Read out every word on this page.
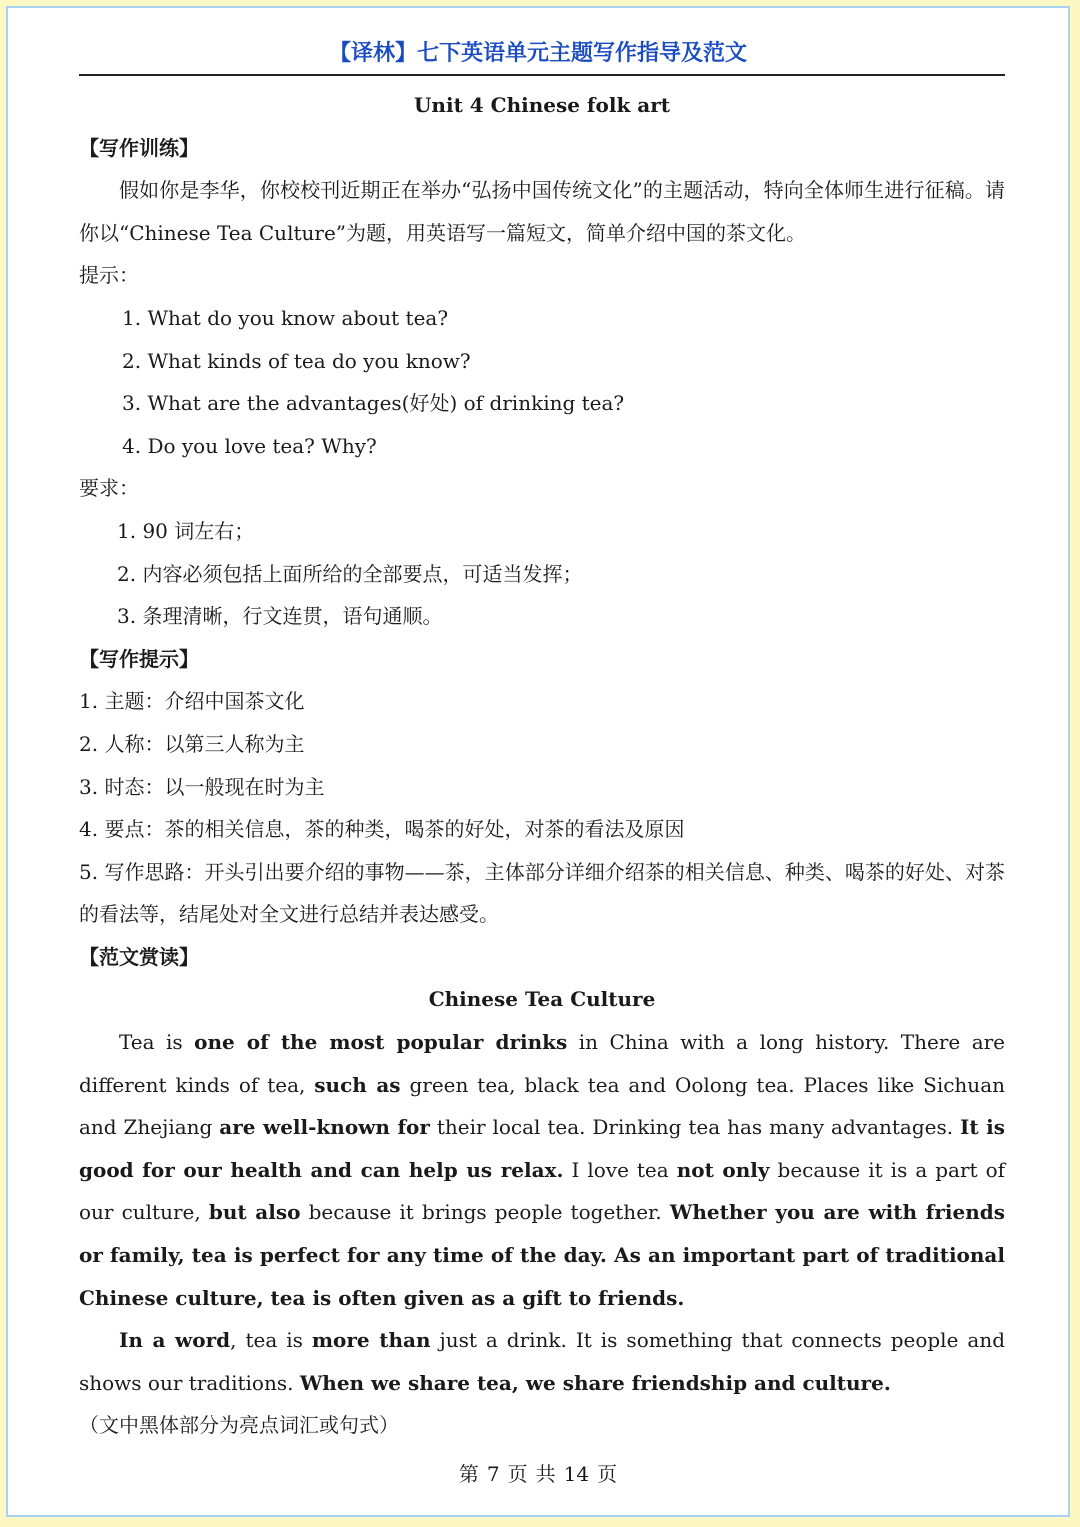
【译林】七下英语单元主题写作指导及范文

Unit 4 Chinese folk art

【写作训练】

假如你是李华，你校校刊近期正在举办“弘扬中国传统文化”的主题活动，特向全体师生进行征稿。请你以“Chinese Tea Culture”为题，用英语写一篇短文，简单介绍中国的茶文化。

提示：

1. What do you know about tea?

2. What kinds of tea do you know?

3. What are the advantages(好处) of drinking tea?

4. Do you love tea? Why?

要求：

1. 90 词左右；

2. 内容必须包括上面所给的全部要点，可适当发挥；

3. 条理清晰，行文连贯，语句通顺。

【写作提示】

1. 主题：介绍中国茶文化

2. 人称：以第三人称为主

3. 时态：以一般现在时为主

4. 要点：茶的相关信息，茶的种类，喝茶的好处，对茶的看法及原因

5. 写作思路：开头引出要介绍的事物——茶，主体部分详细介绍茶的相关信息、种类、喝茶的好处、对茶的看法等，结尾处对全文进行总结并表达感受。

【范文赏读】

Chinese Tea Culture

Tea is one of the most popular drinks in China with a long history. There are different kinds of tea, such as green tea, black tea and Oolong tea. Places like Sichuan and Zhejiang are well-known for their local tea. Drinking tea has many advantages. It is good for our health and can help us relax. I love tea not only because it is a part of our culture, but also because it brings people together. Whether you are with friends or family, tea is perfect for any time of the day. As an important part of traditional Chinese culture, tea is often given as a gift to friends.

In a word, tea is more than just a drink. It is something that connects people and shows our traditions. When we share tea, we share friendship and culture.

（文中黑体部分为亮点词汇或句式）

第 7 页 共 14 页
